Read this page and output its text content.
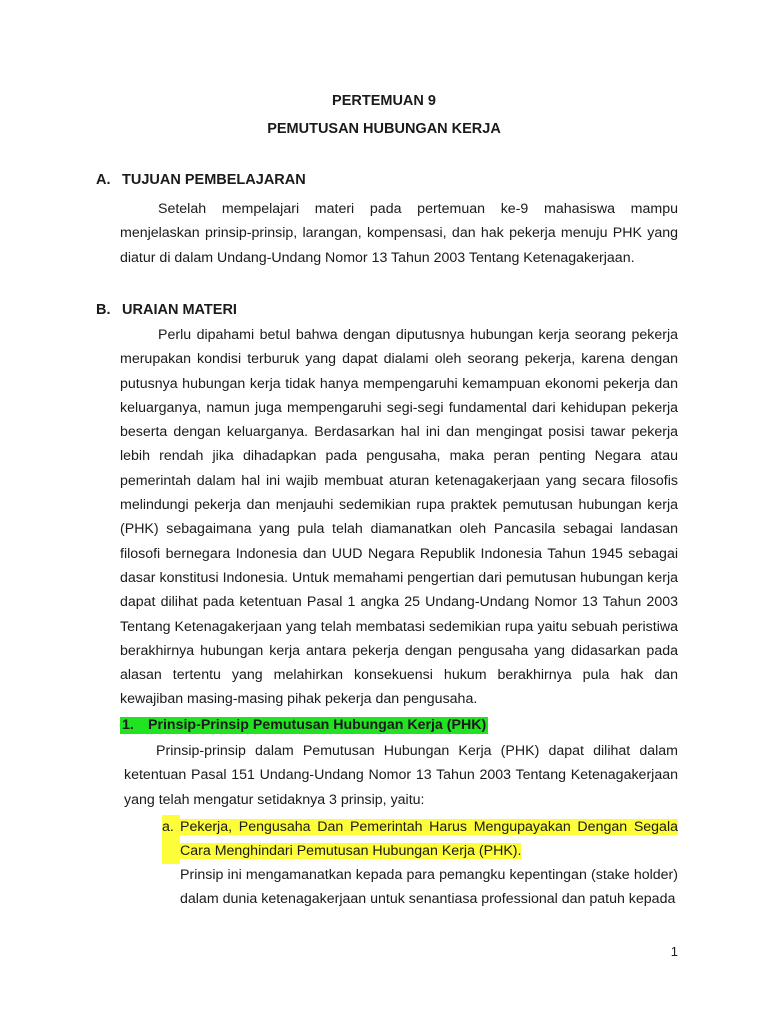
PERTEMUAN 9
PEMUTUSAN HUBUNGAN KERJA
A. TUJUAN PEMBELAJARAN

Setelah mempelajari materi pada pertemuan ke-9 mahasiswa mampu menjelaskan prinsip-prinsip, larangan, kompensasi, dan hak pekerja menuju PHK yang diatur di dalam Undang-Undang Nomor 13 Tahun 2003 Tentang Ketenagakerjaan.

B. URAIAN MATERI

Perlu dipahami betul bahwa dengan diputusnya hubungan kerja seorang pekerja merupakan kondisi terburuk yang dapat dialami oleh seorang pekerja, karena dengan putusnya hubungan kerja tidak hanya mempengaruhi kemampuan ekonomi pekerja dan keluarganya, namun juga mempengaruhi segi-segi fundamental dari kehidupan pekerja beserta dengan keluarganya. Berdasarkan hal ini dan mengingat posisi tawar pekerja lebih rendah jika dihadapkan pada pengusaha, maka peran penting Negara atau pemerintah dalam hal ini wajib membuat aturan ketenagakerjaan yang secara filosofis melindungi pekerja dan menjauhi sedemikian rupa praktek pemutusan hubungan kerja (PHK) sebagaimana yang pula telah diamanatkan oleh Pancasila sebagai landasan filosofi bernegara Indonesia dan UUD Negara Republik Indonesia Tahun 1945 sebagai dasar konstitusi Indonesia. Untuk memahami pengertian dari pemutusan hubungan kerja dapat dilihat pada ketentuan Pasal 1 angka 25 Undang-Undang Nomor 13 Tahun 2003 Tentang Ketenagakerjaan yang telah membatasi sedemikian rupa yaitu sebuah peristiwa berakhirnya hubungan kerja antara pekerja dengan pengusaha yang didasarkan pada alasan tertentu yang melahirkan konsekuensi hukum berakhirnya pula hak dan kewajiban masing-masing pihak pekerja dan pengusaha.

1. Prinsip-Prinsip Pemutusan Hubungan Kerja (PHK)

Prinsip-prinsip dalam Pemutusan Hubungan Kerja (PHK) dapat dilihat dalam ketentuan Pasal 151 Undang-Undang Nomor 13 Tahun 2003 Tentang Ketenagakerjaan yang telah mengatur setidaknya 3 prinsip, yaitu:

a. Pekerja, Pengusaha Dan Pemerintah Harus Mengupayakan Dengan Segala Cara Menghindari Pemutusan Hubungan Kerja (PHK).

Prinsip ini mengamanatkan kepada para pemangku kepentingan (stake holder) dalam dunia ketenagakerjaan untuk senantiasa professional dan patuh kepada

1
